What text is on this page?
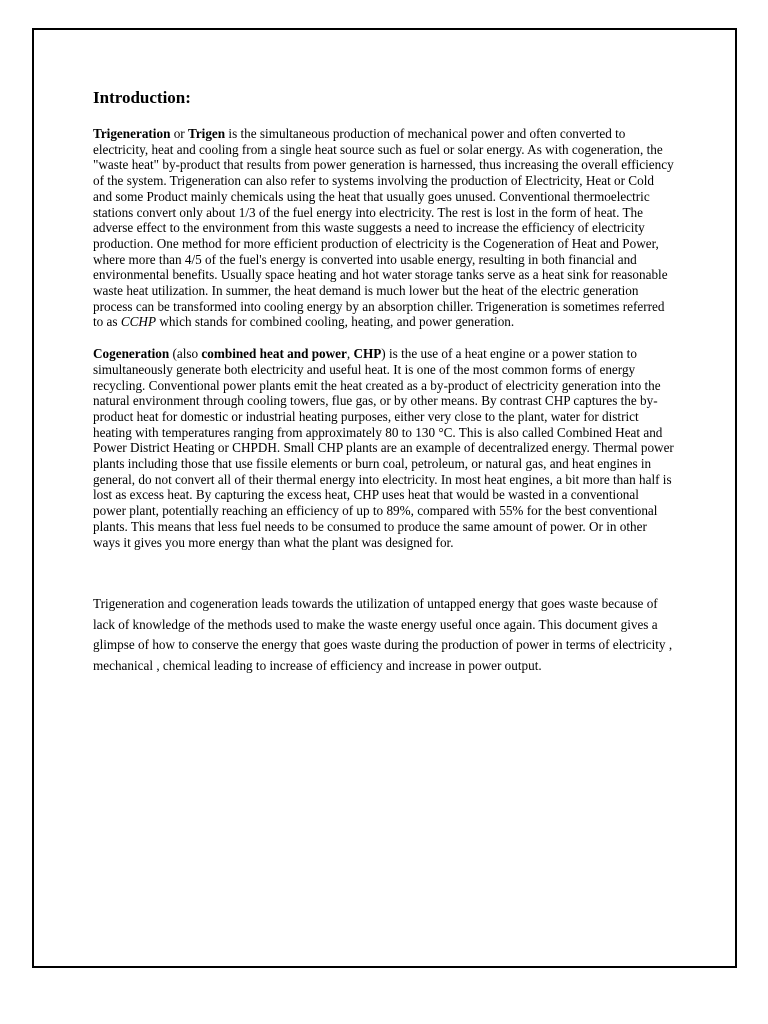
Introduction:

Trigeneration or Trigen is the simultaneous production of mechanical power and often converted to electricity, heat and cooling from a single heat source such as fuel or solar energy. As with cogeneration, the "waste heat" by-product that results from power generation is harnessed, thus increasing the overall efficiency of the system. Trigeneration can also refer to systems involving the production of Electricity, Heat or Cold and some Product mainly chemicals using the heat that usually goes unused. Conventional thermoelectric stations convert only about 1/3 of the fuel energy into electricity. The rest is lost in the form of heat. The adverse effect to the environment from this waste suggests a need to increase the efficiency of electricity production. One method for more efficient production of electricity is the Cogeneration of Heat and Power, where more than 4/5 of the fuel's energy is converted into usable energy, resulting in both financial and environmental benefits. Usually space heating and hot water storage tanks serve as a heat sink for reasonable waste heat utilization. In summer, the heat demand is much lower but the heat of the electric generation process can be transformed into cooling energy by an absorption chiller. Trigeneration is sometimes referred to as CCHP which stands for combined cooling, heating, and power generation.

Cogeneration (also combined heat and power, CHP) is the use of a heat engine or a power station to simultaneously generate both electricity and useful heat. It is one of the most common forms of energy recycling. Conventional power plants emit the heat created as a by-product of electricity generation into the natural environment through cooling towers, flue gas, or by other means. By contrast CHP captures the by-product heat for domestic or industrial heating purposes, either very close to the plant, water for district heating with temperatures ranging from approximately 80 to 130 °C. This is also called Combined Heat and Power District Heating or CHPDH. Small CHP plants are an example of decentralized energy. Thermal power plants including those that use fissile elements or burn coal, petroleum, or natural gas, and heat engines in general, do not convert all of their thermal energy into electricity. In most heat engines, a bit more than half is lost as excess heat. By capturing the excess heat, CHP uses heat that would be wasted in a conventional power plant, potentially reaching an efficiency of up to 89%, compared with 55% for the best conventional plants. This means that less fuel needs to be consumed to produce the same amount of power. Or in other ways it gives you more energy than what the plant was designed for.

Trigeneration and cogeneration leads towards the utilization of untapped energy that goes waste because of lack of knowledge of the methods used to make the waste energy useful once again. This document gives a glimpse of how to conserve the energy that goes waste during the production of power in terms of electricity , mechanical , chemical leading to increase of efficiency and increase in power output.
